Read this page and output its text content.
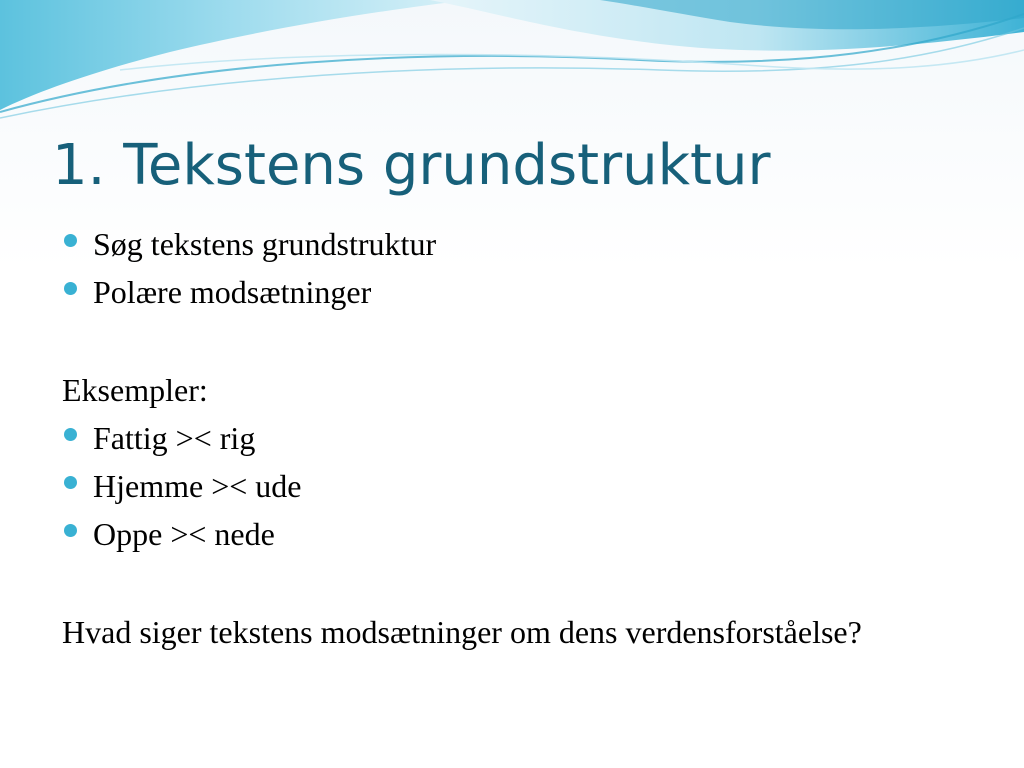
1. Tekstens grundstruktur
Søg tekstens grundstruktur
Polære modsætninger

Eksempler:

Fattig >< rig
Hjemme >< ude
Oppe >< nede

Hvad siger tekstens modsætninger om dens verdensforståelse?
